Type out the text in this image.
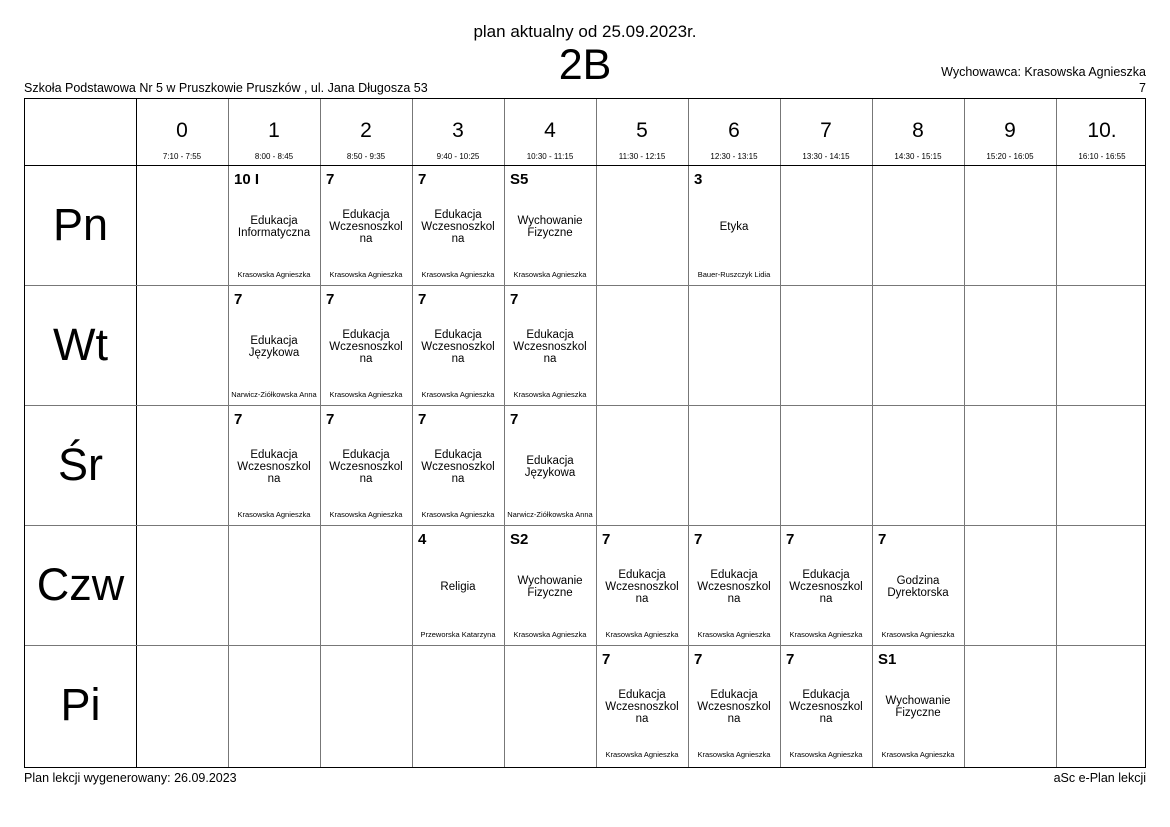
plan aktualny od 25.09.2023r.
2B
Szkoła Podstawowa Nr 5 w Pruszkowie Pruszków , ul. Jana Długosza 53
Wychowawca: Krasowska Agnieszka
7
0
7:10 - 7:55
1
8:00 - 8:45
2
8:50 - 9:35
3
9:40 - 10:25
4
10:30 - 11:15
5
11:30 - 12:15
6
12:30 - 13:15
7
13:30 - 14:15
8
14:30 - 15:15
9
15:20 - 16:05
10.
16:10 - 16:55
Pn
Wt
Śr
Czw
Pi
10 I
Edukacja Informatyczna
Krasowska Agnieszka
7
Edukacja Wczesnoszkol na
Krasowska Agnieszka
7
Edukacja Wczesnoszkol na
Krasowska Agnieszka
S5
Wychowanie Fizyczne
Krasowska Agnieszka
3
Etyka
Bauer-Ruszczyk Lidia
7
Edukacja Językowa
Narwicz-Ziółkowska Anna
7
Edukacja Wczesnoszkol na
Krasowska Agnieszka
7
Edukacja Wczesnoszkol na
Krasowska Agnieszka
7
Edukacja Wczesnoszkol na
Krasowska Agnieszka
7
Edukacja Wczesnoszkol na
Krasowska Agnieszka
7
Edukacja Wczesnoszkol na
Krasowska Agnieszka
7
Edukacja Wczesnoszkol na
Krasowska Agnieszka
7
Edukacja Językowa
Narwicz-Ziółkowska Anna
4
Religia
Przeworska Katarzyna
S2
Wychowanie Fizyczne
Krasowska Agnieszka
7
Edukacja Wczesnoszkol na
Krasowska Agnieszka
7
Edukacja Wczesnoszkol na
Krasowska Agnieszka
7
Edukacja Wczesnoszkol na
Krasowska Agnieszka
7
Godzina Dyrektorska
Krasowska Agnieszka
7
Edukacja Wczesnoszkol na
Krasowska Agnieszka
7
Edukacja Wczesnoszkol na
Krasowska Agnieszka
7
Edukacja Wczesnoszkol na
Krasowska Agnieszka
S1
Wychowanie Fizyczne
Krasowska Agnieszka
Plan lekcji wygenerowany: 26.09.2023	aSc e-Plan lekcji
